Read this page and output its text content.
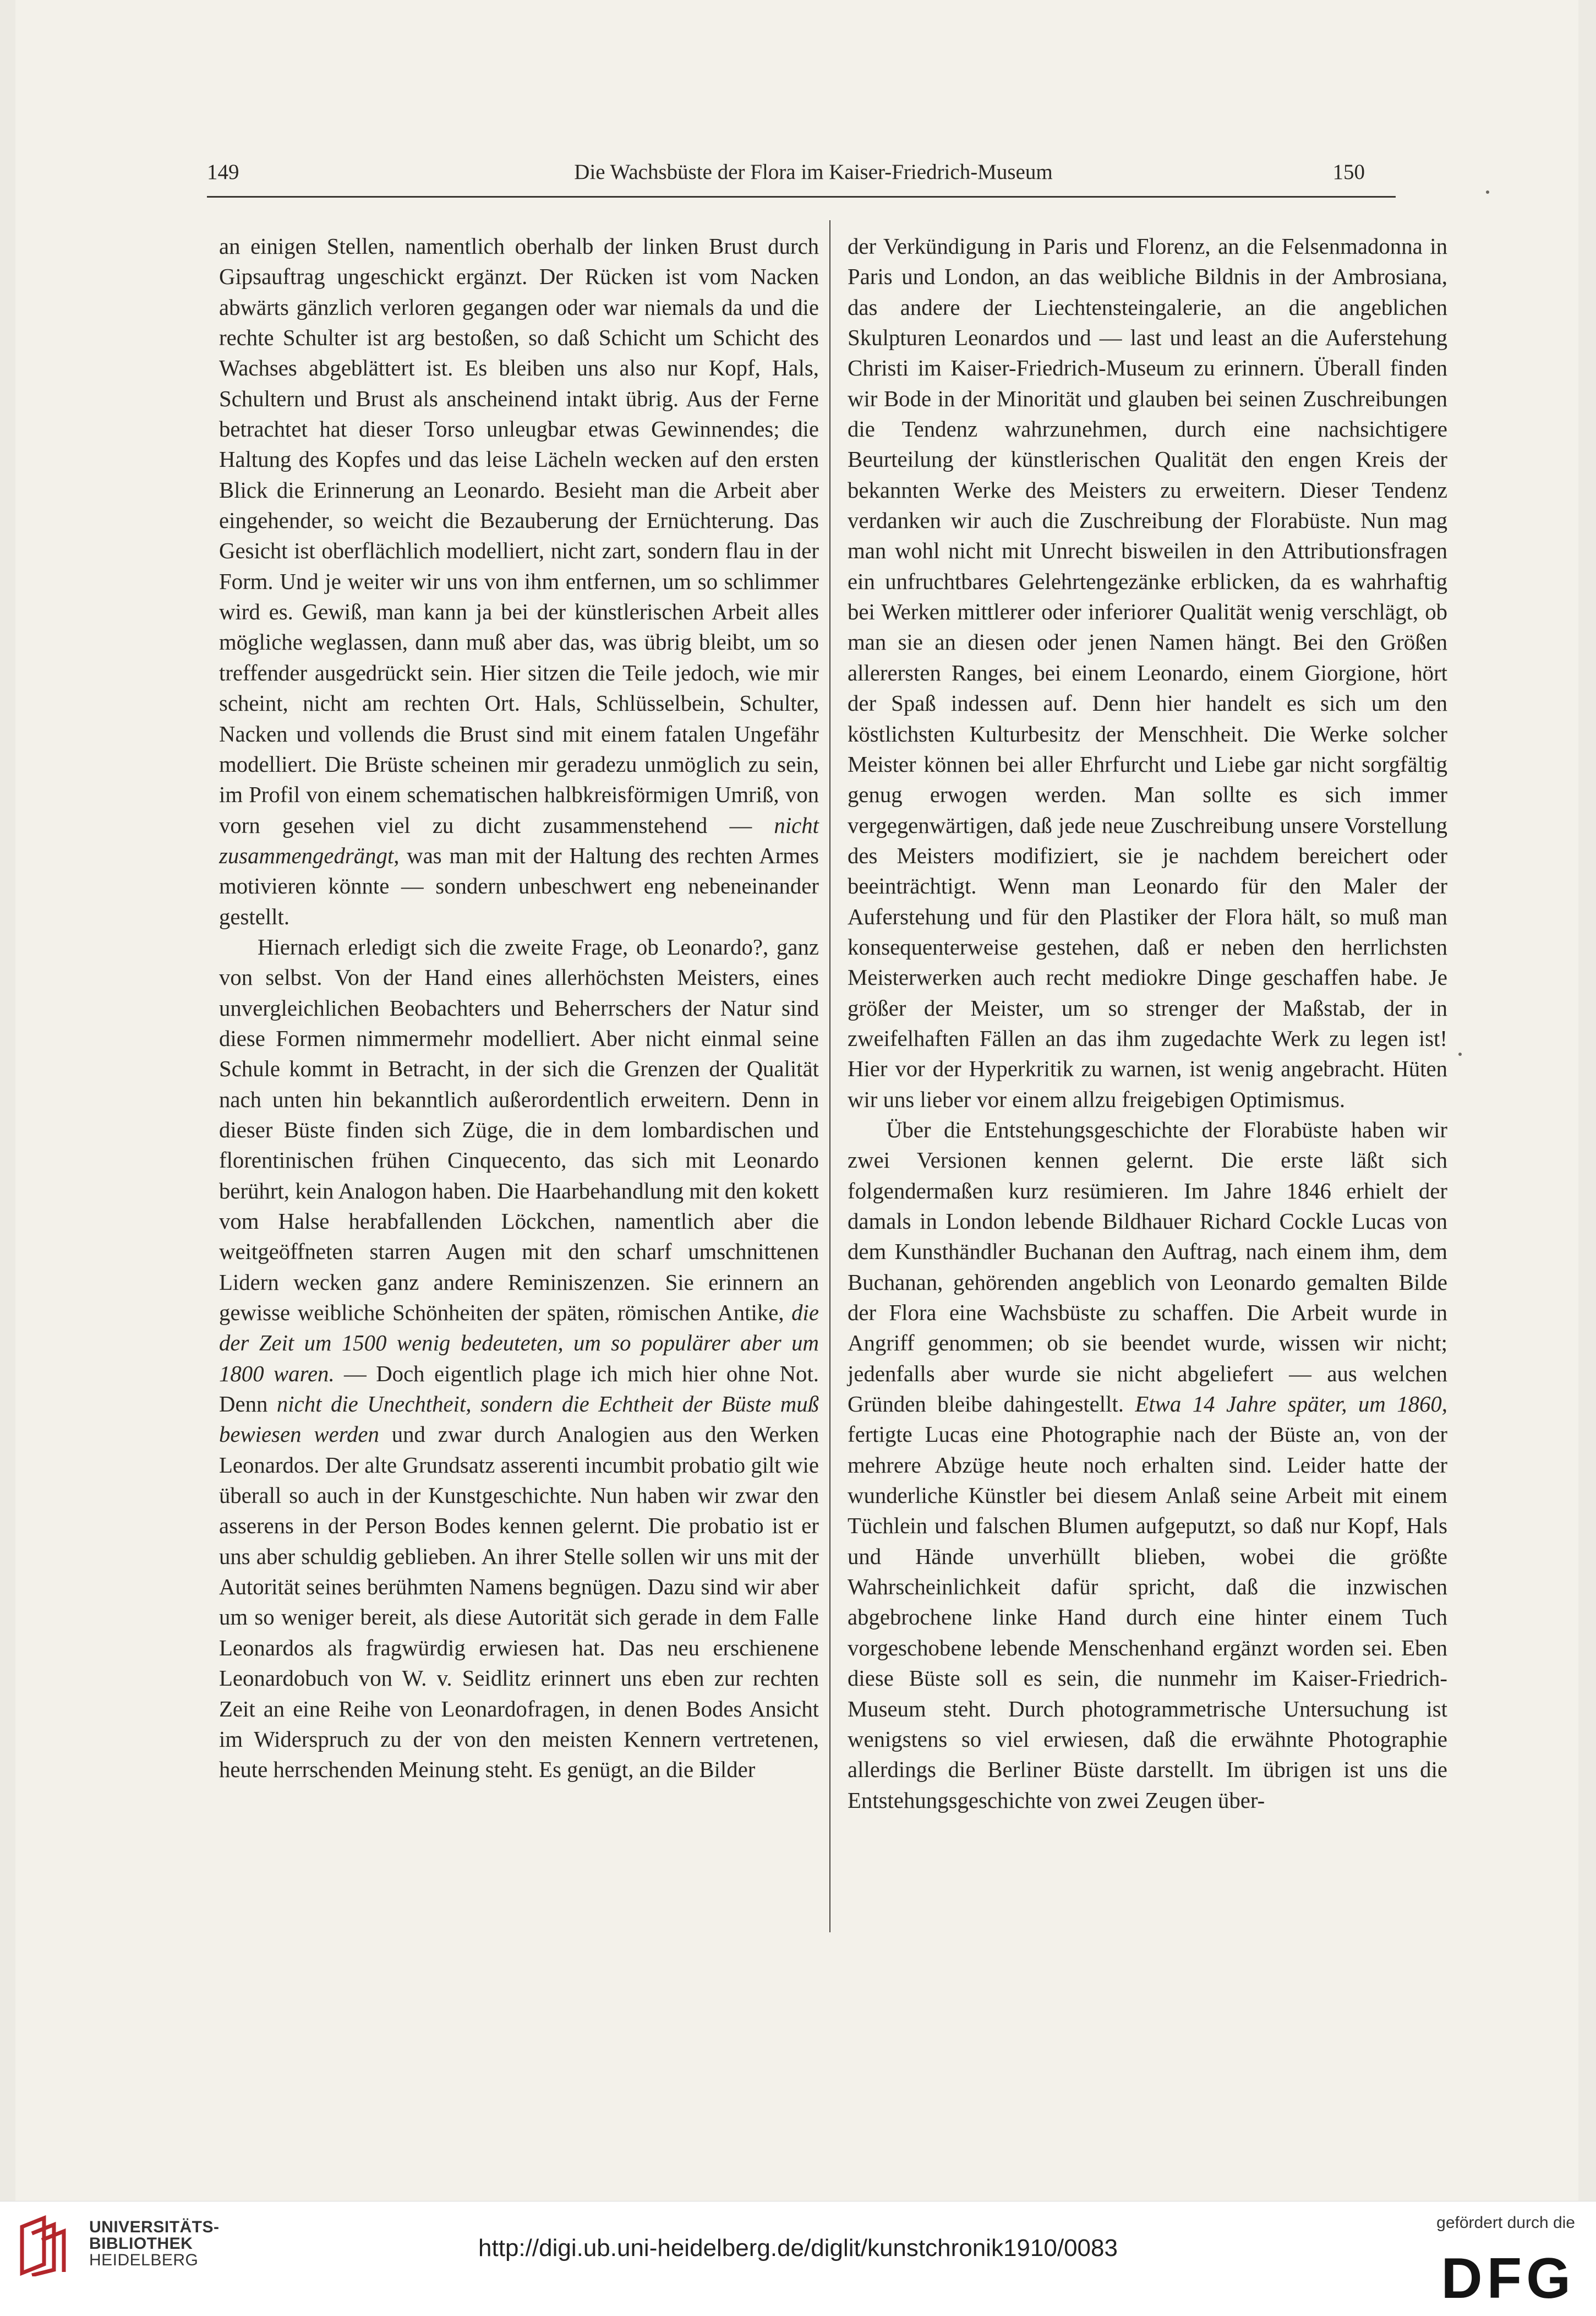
149	Die Wachsbüste der Flora im Kaiser-Friedrich-Museum	150

an einigen Stellen, namentlich oberhalb der linken Brust durch Gipsauftrag ungeschickt ergänzt. Der Rücken ist vom Nacken abwärts gänzlich verloren gegangen oder war niemals da und die rechte Schulter ist arg bestoßen, so daß Schicht um Schicht des Wachses abgeblättert ist. Es bleiben uns also nur Kopf, Hals, Schultern und Brust als anscheinend intakt übrig. Aus der Ferne betrachtet hat dieser Torso unleugbar etwas Gewinnendes; die Haltung des Kopfes und das leise Lächeln wecken auf den ersten Blick die Erinnerung an Leonardo. Besieht man die Arbeit aber eingehender, so weicht die Bezauberung der Ernüchterung. Das Gesicht ist oberflächlich modelliert, nicht zart, sondern flau in der Form. Und je weiter wir uns von ihm entfernen, um so schlimmer wird es. Gewiß, man kann ja bei der künstlerischen Arbeit alles mögliche weglassen, dann muß aber das, was übrig bleibt, um so treffender ausgedrückt sein. Hier sitzen die Teile jedoch, wie mir scheint, nicht am rechten Ort. Hals, Schlüsselbein, Schulter, Nacken und vollends die Brust sind mit einem fatalen Ungefähr modelliert. Die Brüste scheinen mir geradezu unmöglich zu sein, im Profil von einem schematischen halbkreisförmigen Umriß, von vorn gesehen viel zu dicht zusammenstehend — nicht zusammengedrängt, was man mit der Haltung des rechten Armes motivieren könnte — sondern unbeschwert eng nebeneinander gestellt.

Hiernach erledigt sich die zweite Frage, ob Leonardo?, ganz von selbst. Von der Hand eines allerhöchsten Meisters, eines unvergleichlichen Beobachters und Beherrschers der Natur sind diese Formen nimmermehr modelliert. Aber nicht einmal seine Schule kommt in Betracht, in der sich die Grenzen der Qualität nach unten hin bekanntlich außerordentlich erweitern. Denn in dieser Büste finden sich Züge, die in dem lombardischen und florentinischen frühen Cinquecento, das sich mit Leonardo berührt, kein Analogon haben. Die Haarbehandlung mit den kokett vom Halse herabfallenden Löckchen, namentlich aber die weitgeöffneten starren Augen mit den scharf umschnittenen Lidern wecken ganz andere Reminiszenzen. Sie erinnern an gewisse weibliche Schönheiten der späten, römischen Antike, die der Zeit um 1500 wenig bedeuteten, um so populärer aber um 1800 waren. — Doch eigentlich plage ich mich hier ohne Not. Denn nicht die Unechtheit, sondern die Echtheit der Büste muß bewiesen werden und zwar durch Analogien aus den Werken Leonardos. Der alte Grundsatz asserenti incumbit probatio gilt wie überall so auch in der Kunstgeschichte. Nun haben wir zwar den asserens in der Person Bodes kennen gelernt. Die probatio ist er uns aber schuldig geblieben. An ihrer Stelle sollen wir uns mit der Autorität seines berühmten Namens begnügen. Dazu sind wir aber um so weniger bereit, als diese Autorität sich gerade in dem Falle Leonardos als fragwürdig erwiesen hat. Das neu erschienene Leonardobuch von W. v. Seidlitz erinnert uns eben zur rechten Zeit an eine Reihe von Leonardofragen, in denen Bodes Ansicht im Widerspruch zu der von den meisten Kennern vertretenen, heute herrschenden Meinung steht. Es genügt, an die Bilder

der Verkündigung in Paris und Florenz, an die Felsenmadonna in Paris und London, an das weibliche Bildnis in der Ambrosiana, das andere der Liechtensteingalerie, an die angeblichen Skulpturen Leonardos und — last und least an die Auferstehung Christi im Kaiser-Friedrich-Museum zu erinnern. Überall finden wir Bode in der Minorität und glauben bei seinen Zuschreibungen die Tendenz wahrzunehmen, durch eine nachsichtigere Beurteilung der künstlerischen Qualität den engen Kreis der bekannten Werke des Meisters zu erweitern. Dieser Tendenz verdanken wir auch die Zuschreibung der Florabüste. Nun mag man wohl nicht mit Unrecht bisweilen in den Attributionsfragen ein unfruchtbares Gelehrtengezänke erblicken, da es wahrhaftig bei Werken mittlerer oder inferiorer Qualität wenig verschlägt, ob man sie an diesen oder jenen Namen hängt. Bei den Größen allerersten Ranges, bei einem Leonardo, einem Giorgione, hört der Spaß indessen auf. Denn hier handelt es sich um den köstlichsten Kulturbesitz der Menschheit. Die Werke solcher Meister können bei aller Ehrfurcht und Liebe gar nicht sorgfältig genug erwogen werden. Man sollte es sich immer vergegenwärtigen, daß jede neue Zuschreibung unsere Vorstellung des Meisters modifiziert, sie je nachdem bereichert oder beeinträchtigt. Wenn man Leonardo für den Maler der Auferstehung und für den Plastiker der Flora hält, so muß man konsequenterweise gestehen, daß er neben den herrlichsten Meisterwerken auch recht mediokre Dinge geschaffen habe. Je größer der Meister, um so strenger der Maßstab, der in zweifelhaften Fällen an das ihm zugedachte Werk zu legen ist! Hier vor der Hyperkritik zu warnen, ist wenig angebracht. Hüten wir uns lieber vor einem allzu freigebigen Optimismus.

Über die Entstehungsgeschichte der Florabüste haben wir zwei Versionen kennen gelernt. Die erste läßt sich folgendermaßen kurz resümieren. Im Jahre 1846 erhielt der damals in London lebende Bildhauer Richard Cockle Lucas von dem Kunsthändler Buchanan den Auftrag, nach einem ihm, dem Buchanan, gehörenden angeblich von Leonardo gemalten Bilde der Flora eine Wachsbüste zu schaffen. Die Arbeit wurde in Angriff genommen; ob sie beendet wurde, wissen wir nicht; jedenfalls aber wurde sie nicht abgeliefert — aus welchen Gründen bleibe dahingestellt. Etwa 14 Jahre später, um 1860, fertigte Lucas eine Photographie nach der Büste an, von der mehrere Abzüge heute noch erhalten sind. Leider hatte der wunderliche Künstler bei diesem Anlaß seine Arbeit mit einem Tüchlein und falschen Blumen aufgeputzt, so daß nur Kopf, Hals und Hände unverhüllt blieben, wobei die größte Wahrscheinlichkeit dafür spricht, daß die inzwischen abgebrochene linke Hand durch eine hinter einem Tuch vorgeschobene lebende Menschenhand ergänzt worden sei. Eben diese Büste soll es sein, die nunmehr im Kaiser-Friedrich-Museum steht. Durch photogrammetrische Untersuchung ist wenigstens so viel erwiesen, daß die erwähnte Photographie allerdings die Berliner Büste darstellt. Im übrigen ist uns die Entstehungsgeschichte von zwei Zeugen über-

UNIVERSITÄTS-
BIBLIOTHEK
HEIDELBERG	http://digi.ub.uni-heidelberg.de/diglit/kunstchronik1910/0083
gefördert durch die
DFG
